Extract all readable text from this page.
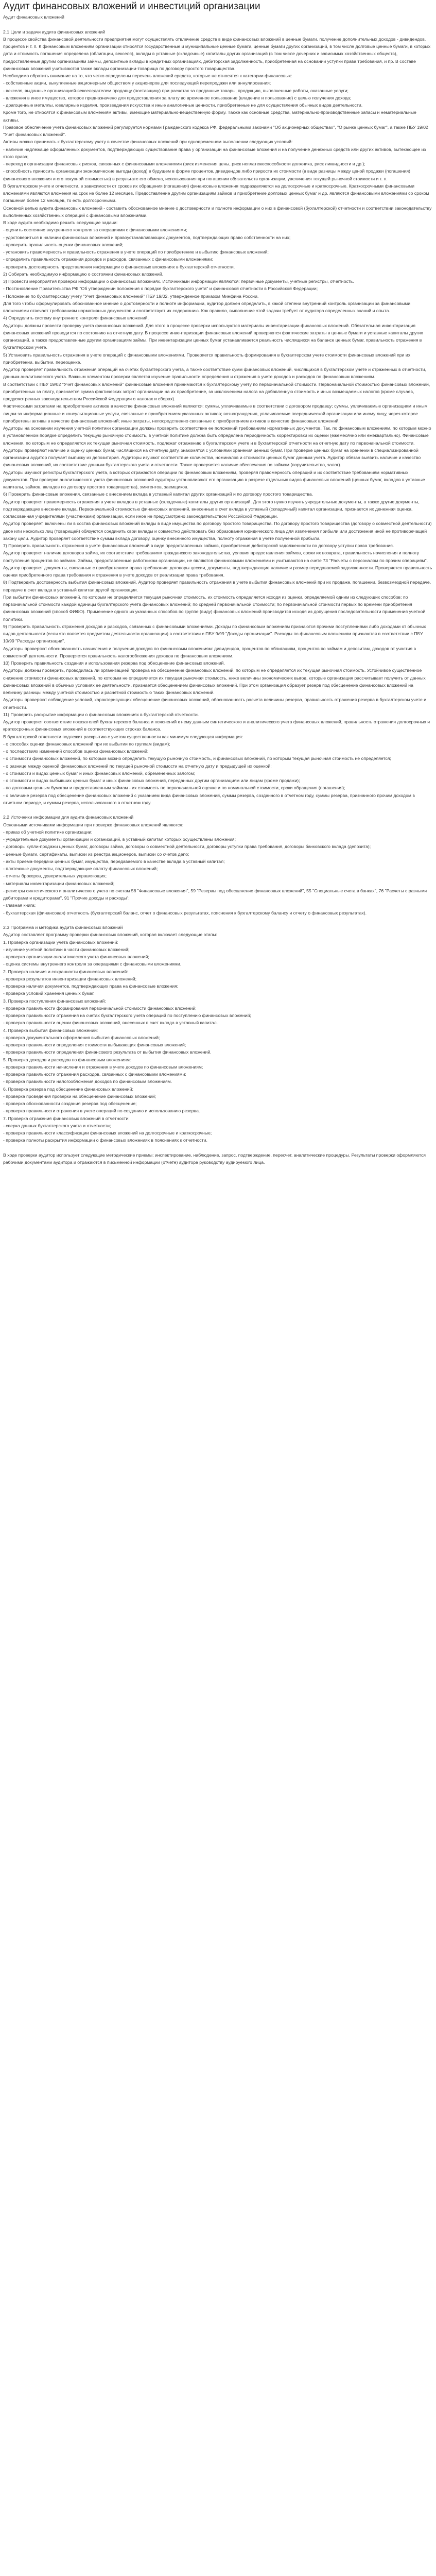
Аудит финансовых вложений и инвестиций организации

Аудит финансовых вложений

2.1 Цели и задачи аудита финансовых вложений

В процессе свойства финансовой деятельности предприятия могут осуществлять отвлечение средств в виде финансовых вложений в ценные бумаги, получение дополнительных доходов - дивидендов, процентов и т. п. К финансовым вложениям организации относятся государственные и муниципальные ценные бумаги, ценные бумаги других организаций, в том числе долговые ценные бумаги, в которых дата и стоимость погашения определена (облигации, векселя), вклады в уставные (складочные) капиталы других организаций (в том числе дочерних и зависимых хозяйственных обществ), предоставленные другим организациям займы, депозитные вклады в кредитных организациях, дебиторская задолженность, приобретенная на основании уступки права требования, и пр. В составе финансовых вложений учитываются также вклады организации-товарища по договору простого товарищества.

Необходимо обратить внимание на то, что четко определены перечень вложений средств, которые не относятся к категории финансовых:

- собственные акции, выкупленные акционерным обществом у акционеров для последующей перепродажи или аннулирования;

- векселя, выданные организацией-векселедателем продавцу (поставщику) при расчетах за проданные товары, продукцию, выполненные работы, оказанные услуги;

- вложения в иное имущество, которое предназначено для предоставления за плату во временное пользование (владение и пользование) с целью получения дохода;

- драгоценные металлы, ювелирные изделия, произведения искусства и иные аналогичные ценности, приобретенные не для осуществления обычных видов деятельности.

Кроме того, не относятся к финансовым вложениям активы, имеющие материально-вещественную форму. Также как основные средства, материально-производственные запасы и нематериальные активы.

Правовое обеспечение учета финансовых вложений регулируется нормами Гражданского кодекса РФ, федеральными законами "Об акционерных обществах", "О рынке ценных бумаг", а также ПБУ 19/02 "Учет финансовых вложений".

Активы можно принимать к бухгалтерскому учету в качестве финансовых вложений при одновременном выполнении следующих условий:

- наличие надлежаще оформленных документов, подтверждающих существование права у организации на финансовые вложения и на получение денежных средств или других активов, вытекающее из этого права;

- переход к организации финансовых рисков, связанных с финансовыми вложениями (риск изменения цены, риск неплатежеспособности должника, риск ликвидности и др.);

- способность приносить организации экономические выгоды (доход) в будущем в форме процентов, дивидендов либо прироста их стоимости (в виде разницы между ценой продажи (погашения) финансового вложения и его покупной стоимостью) в результате его обмена, использования при погашении обязательств организации, увеличения текущей рыночной стоимости и т. п.

В бухгалтерском учете и отчетности, в зависимости от сроков их обращения (погашения) финансовые вложения подразделяются на долгосрочные и краткосрочные. Краткосрочными финансовыми вложениями являются вложения на срок не более 12 месяцев. Предоставление другим организациям займов и приобретение долговых ценных бумаг и др. являются финансовыми вложениями со сроком погашения более 12 месяцев, то есть долгосрочными.

Основной целью аудита финансовых вложений - составить обоснованное мнение о достоверности и полноте информации о них в финансовой (бухгалтерской) отчетности и соответствии законодательству выполненных хозяйственных операций с финансовыми вложениями.

В ходе аудита необходимо решить следующие задачи:

- оценить состояние внутреннего контроля за операциями с финансовыми вложениями;

- удостовериться в наличии финансовых вложений и правоустанавливающих документов, подтверждающих право собственности на них;

- проверить правильность оценки финансовых вложений;

- установить правомерность и правильность отражения в учете операций по приобретению и выбытию финансовых вложений;

- определить правильность отражения доходов и расходов, связанных с финансовыми вложениями;

- проверить достоверность представления информации о финансовых вложениях в бухгалтерской отчетности.

2) Собирать необходимую информацию о состоянии финансовых вложений.

3) Провести мероприятия проверки информации о финансовых вложениях. Источниками информации являются: первичные документы, учетные регистры, отчетность.

- Постановление Правительства РФ "Об утверждении положения о порядке бухгалтерского учета" и финансовой отчетности в Российской Федерации;

- Положение по бухгалтерскому учету "Учет финансовых вложений" ПБУ 19/02, утвержденное приказом Минфина России.

Для того чтобы сформулировать обоснованное мнение о достоверности и полноте информации, аудитор должен определить, в какой степени внутренний контроль организации за финансовыми вложениями отвечает требованиям нормативных документов и соответствует их содержанию. Как правило, выполнение этой задачи требует от аудитора определенных знаний и опыта.

4) Определить систему внутреннего контроля финансовых вложений.

Аудиторы должны провести проверку учета финансовых вложений. Для этого в процессе проверки используются материалы инвентаризации финансовых вложений. Обязательная инвентаризация финансовых вложений проводится по состоянию на отчетную дату. В процессе инвентаризации финансовых вложений проверяются фактические затраты в ценные бумаги и уставные капиталы других организаций, а также предоставленные другим организациям займы. При инвентаризации ценных бумаг устанавливается реальность числящихся на балансе ценных бумаг, правильность отражения в бухгалтерском учете.

5) Установить правильность отражения в учете операций с финансовыми вложениями. Проверяется правильность формирования в бухгалтерском учете стоимости финансовых вложений при их приобретении, выбытии, переоценке.

Аудитор проверяет правильность отражения операций на счетах бухгалтерского учета, а также соответствие сумм финансовых вложений, числящихся в бухгалтерском учете и отраженных в отчетности, данным аналитического учета. Важным элементом проверки является изучение правильности определения и отражения в учете доходов и расходов по финансовым вложениям.

В соответствии с ПБУ 19/02 "Учет финансовых вложений" финансовые вложения принимаются к бухгалтерскому учету по первоначальной стоимости. Первоначальной стоимостью финансовых вложений, приобретенных за плату, признается сумма фактических затрат организации на их приобретение, за исключением налога на добавленную стоимость и иных возмещаемых налогов (кроме случаев, предусмотренных законодательством Российской Федерации о налогах и сборах).

Фактическими затратами на приобретение активов в качестве финансовых вложений являются: суммы, уплачиваемые в соответствии с договором продавцу; суммы, уплачиваемые организациям и иным лицам за информационные и консультационные услуги, связанные с приобретением указанных активов; вознаграждения, уплачиваемые посреднической организации или иному лицу, через которое приобретены активы в качестве финансовых вложений; иные затраты, непосредственно связанные с приобретением активов в качестве финансовых вложений.

Аудиторы на основании изучения учетной политики организации должны проверить соответствие ее положений требованиям нормативных документов. Так, по финансовым вложениям, по которым можно в установленном порядке определить текущую рыночную стоимость, в учетной политике должна быть определена периодичность корректировки их оценки (ежемесячно или ежеквартально). Финансовые вложения, по которым не определяется их текущая рыночная стоимость, подлежат отражению в бухгалтерском учете и в бухгалтерской отчетности на отчетную дату по первоначальной стоимости.

Аудиторы проверяют наличие и оценку ценных бумаг, числящихся на отчетную дату, знакомятся с условиями хранения ценных бумаг. При проверке ценных бумаг на хранении в специализированной организации аудитор получает выписку из депозитария. Аудиторы изучают соответствие количества, номиналов и стоимости ценных бумаг данным учета. Аудитор обязан выявить наличие и качество финансовых вложений, их соответствие данным бухгалтерского учета и отчетности. Также проверяется наличие обеспечения по займам (поручительство, залог).

Аудиторы изучают регистры бухгалтерского учета, в которых отражаются операции по финансовым вложениям, проверяя правомерность операций и их соответствие требованиям нормативных документов. При проверке аналитического учета финансовых вложений аудиторы устанавливают его организацию в разрезе отдельных видов финансовых вложений (ценных бумаг, вкладов в уставные капиталы, займов, вкладов по договору простого товарищества), эмитентов, заемщиков.

6) Проверить финансовые вложения, связанные с внесением вклада в уставный капитал других организаций и по договору простого товарищества.

Аудитор проверяет правомерность отражения в учете вкладов в уставные (складочные) капиталы других организаций. Для этого нужно изучить учредительные документы, а также другие документы, подтверждающие внесение вклада. Первоначальной стоимостью финансовых вложений, внесенных в счет вклада в уставный (складочный) капитал организации, признается их денежная оценка, согласованная учредителями (участниками) организации, если иное не предусмотрено законодательством Российской Федерации.

Аудитор проверяет, включены ли в состав финансовых вложений вклады в виде имущества по договору простого товарищества. По договору простого товарищества (договору о совместной деятельности) двое или несколько лиц (товарищей) обязуются соединить свои вклады и совместно действовать без образования юридического лица для извлечения прибыли или достижения иной не противоречащей закону цели. Аудитор проверяет соответствие суммы вклада договору, оценку внесенного имущества, полноту отражения в учете полученной прибыли.

7) Проверить правильность отражения в учете финансовых вложений в виде предоставленных займов, приобретения дебиторской задолженности по договору уступки права требования.

Аудитор проверяет наличие договоров займа, их соответствие требованиям гражданского законодательства, условия предоставления займов, сроки их возврата, правильность начисления и полноту поступления процентов по займам. Займы, предоставленные работникам организации, не являются финансовыми вложениями и учитываются на счете 73 "Расчеты с персоналом по прочим операциям".

Аудитор проверяет документы, связанные с приобретением права требования: договоры цессии, документы, подтверждающие наличие и размер передаваемой задолженности. Проверяется правильность оценки приобретенного права требования и отражения в учете доходов от реализации права требования.

8) Подтвердить достоверность выбытия финансовых вложений. Аудитор проверяет правильность отражения в учете выбытия финансовых вложений при их продаже, погашении, безвозмездной передаче, передаче в счет вклада в уставный капитал другой организации.

При выбытии финансовых вложений, по которым не определяется текущая рыночная стоимость, их стоимость определяется исходя из оценки, определяемой одним из следующих способов: по первоначальной стоимости каждой единицы бухгалтерского учета финансовых вложений; по средней первоначальной стоимости; по первоначальной стоимости первых по времени приобретения финансовых вложений (способ ФИФО). Применение одного из указанных способов по группе (виду) финансовых вложений производится исходя из допущения последовательности применения учетной политики.

9) Проверить правильность отражения доходов и расходов, связанных с финансовыми вложениями. Доходы по финансовым вложениям признаются прочими поступлениями либо доходами от обычных видов деятельности (если это является предметом деятельности организации) в соответствии с ПБУ 9/99 "Доходы организации". Расходы по финансовым вложениям признаются в соответствии с ПБУ 10/99 "Расходы организации".

Аудиторы проверяют обоснованность начисления и получения доходов по финансовым вложениям: дивидендов, процентов по облигациям, процентов по займам и депозитам, доходов от участия в совместной деятельности. Проверяется правильность налогообложения доходов по финансовым вложениям.

10) Проверить правильность создания и использования резерва под обесценение финансовых вложений.

Аудиторы должны проверить, проводилась ли организацией проверка на обесценение финансовых вложений, по которым не определяется их текущая рыночная стоимость. Устойчивое существенное снижение стоимости финансовых вложений, по которым не определяется их текущая рыночная стоимость, ниже величины экономических выгод, которые организация рассчитывает получить от данных финансовых вложений в обычных условиях ее деятельности, признается обесценением финансовых вложений. При этом организация образует резерв под обесценение финансовых вложений на величину разницы между учетной стоимостью и расчетной стоимостью таких финансовых вложений.

Аудиторы проверяют соблюдение условий, характеризующих обесценение финансовых вложений, обоснованность расчета величины резерва, правильность отражения резерва в бухгалтерском учете и отчетности.

11) Проверить раскрытие информации о финансовых вложениях в бухгалтерской отчетности.

Аудитор проверяет соответствие показателей бухгалтерского баланса и пояснений к нему данным синтетического и аналитического учета финансовых вложений, правильность отражения долгосрочных и краткосрочных финансовых вложений в соответствующих строках баланса.

В бухгалтерской отчетности подлежит раскрытию с учетом существенности как минимум следующая информация:

- о способах оценки финансовых вложений при их выбытии по группам (видам);

- о последствиях изменений способов оценки финансовых вложений;

- о стоимости финансовых вложений, по которым можно определить текущую рыночную стоимость, и финансовых вложений, по которым текущая рыночная стоимость не определяется;

- о разнице между оценкой финансовых вложений по текущей рыночной стоимости на отчетную дату и предыдущей их оценкой;

- о стоимости и видах ценных бумаг и иных финансовых вложений, обремененных залогом;

- о стоимости и видах выбывших ценных бумаг и иных финансовых вложений, переданных другим организациям или лицам (кроме продажи);

- по долговым ценным бумагам и предоставленным займам - их стоимость по первоначальной оценке и по номинальной стоимости, сроки обращения (погашения);

- о величине резерва под обесценение финансовых вложений с указанием вида финансовых вложений, суммы резерва, созданного в отчетном году, суммы резерва, признанного прочим доходом в отчетном периоде, и суммы резерва, использованного в отчетном году.

2.2 Источники информации для аудита финансовых вложений

Основными источниками информации при проверке финансовых вложений являются:

- приказ об учетной политике организации;

- учредительные документы организации и организаций, в уставный капитал которых осуществлены вложения;

- договоры купли-продажи ценных бумаг, договоры займа, договоры о совместной деятельности, договоры уступки права требования, договоры банковского вклада (депозита);

- ценные бумаги, сертификаты, выписки из реестра акционеров, выписки со счетов депо;

- акты приема-передачи ценных бумаг, имущества, передаваемого в качестве вклада в уставный капитал;

- платежные документы, подтверждающие оплату финансовых вложений;

- отчеты брокеров, доверительных управляющих;

- материалы инвентаризации финансовых вложений;

- регистры синтетического и аналитического учета по счетам 58 "Финансовые вложения", 59 "Резервы под обесценение финансовых вложений", 55 "Специальные счета в банках", 76 "Расчеты с разными дебиторами и кредиторами", 91 "Прочие доходы и расходы";

- главная книга;

- бухгалтерская (финансовая) отчетность (бухгалтерский баланс, отчет о финансовых результатах, пояснения к бухгалтерскому балансу и отчету о финансовых результатах).

2.3 Программа и методика аудита финансовых вложений

Аудитор составляет программу проверки финансовых вложений, которая включает следующие этапы:

1. Проверка организации учета финансовых вложений:

- изучение учетной политики в части финансовых вложений;

- проверка организации аналитического учета финансовых вложений;

- оценка системы внутреннего контроля за операциями с финансовыми вложениями.

2. Проверка наличия и сохранности финансовых вложений:

- проверка результатов инвентаризации финансовых вложений;

- проверка наличия документов, подтверждающих права на финансовые вложения;

- проверка условий хранения ценных бумаг.

3. Проверка поступления финансовых вложений:

- проверка правильности формирования первоначальной стоимости финансовых вложений;

- проверка правильности отражения на счетах бухгалтерского учета операций по поступлению финансовых вложений;

- проверка правильности оценки финансовых вложений, внесенных в счет вклада в уставный капитал.

4. Проверка выбытия финансовых вложений:

- проверка документального оформления выбытия финансовых вложений;

- проверка правильности определения стоимости выбывающих финансовых вложений;

- проверка правильности определения финансового результата от выбытия финансовых вложений.

5. Проверка доходов и расходов по финансовым вложениям:

- проверка правильности начисления и отражения в учете доходов по финансовым вложениям;

- проверка правильности отражения расходов, связанных с финансовыми вложениями;

- проверка правильности налогообложения доходов по финансовым вложениям.

6. Проверка резерва под обесценение финансовых вложений:

- проверка проведения проверки на обесценение финансовых вложений;

- проверка обоснованности создания резерва под обесценение;

- проверка правильности отражения в учете операций по созданию и использованию резерва.

7. Проверка отражения финансовых вложений в отчетности:

- сверка данных бухгалтерского учета и отчетности;

- проверка правильности классификации финансовых вложений на долгосрочные и краткосрочные;

- проверка полноты раскрытия информации о финансовых вложениях в пояснениях к отчетности.

В ходе проверки аудитор использует следующие методические приемы: инспектирование, наблюдение, запрос, подтверждение, пересчет, аналитические процедуры. Результаты проверки оформляются рабочими документами аудитора и отражаются в письменной информации (отчете) аудитора руководству аудируемого лица.
